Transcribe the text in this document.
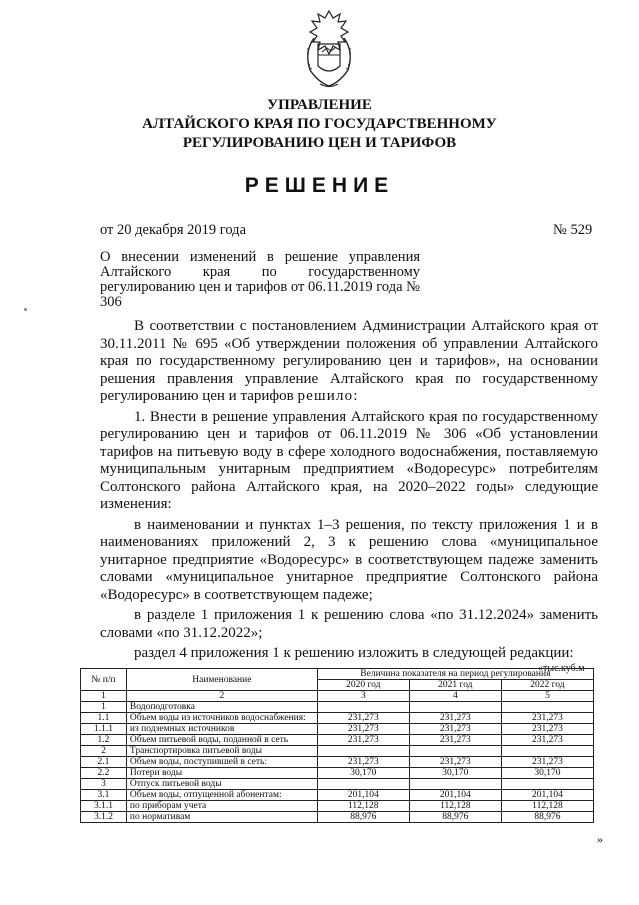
УПРАВЛЕНИЕ
АЛТАЙСКОГО КРАЯ ПО ГОСУДАРСТВЕННОМУ
РЕГУЛИРОВАНИЮ ЦЕН И ТАРИФОВ
РЕШЕНИЕ
от 20 декабря 2019 года	№ 529
О внесении изменений в решение управления Алтайского края по государственному регулированию цен и тарифов от 06.11.2019 года № 306

В соответствии с постановлением Администрации Алтайского края от 30.11.2011 № 695 «Об утверждении положения об управлении Алтайского края по государственному регулированию цен и тарифов», на основании решения правления управление Алтайского края по государственному регулированию цен и тарифов решило:

1. Внести в решение управления Алтайского края по государственному регулированию цен и тарифов от 06.11.2019 № 306 «Об установлении тарифов на питьевую воду в сфере холодного водоснабжения, поставляемую муниципальным унитарным предприятием «Водоресурс» потребителям Солтонского района Алтайского края, на 2020–2022 годы» следующие изменения:

в наименовании и пунктах 1–3 решения, по тексту приложения 1 и в наименованиях приложений 2, 3 к решению слова «муниципальное унитарное предприятие «Водоресурс» в соответствующем падеже заменить словами «муниципальное унитарное предприятие Солтонского района «Водоресурс» в соответствующем падеже;

в разделе 1 приложения 1 к решению слова «по 31.12.2024» заменить словами «по 31.12.2022»;

раздел 4 приложения 1 к решению изложить в следующей редакции:

«тыс.куб.м
№ п/п	Наименование	Величина показателя на период регулирования		
		2020 год	2021 год	2022 год
1	2	3	4	5
1	Водоподготовка			
1.1	Объем воды из источников водоснабжения:	231,273	231,273	231,273
1.1.1	из подземных источников	231,273	231,273	231,273
1.2	Объем питьевой воды, поданной в сеть	231,273	231,273	231,273
2	Транспортировка питьевой воды			
2.1	Объем воды, поступившей в сеть:	231,273	231,273	231,273
2.2	Потери воды	30,170	30,170	30,170
3	Отпуск питьевой воды			
3.1	Объем воды, отпущенной абонентам:	201,104	201,104	201,104
3.1.1	по приборам учета	112,128	112,128	112,128
3.1.2	по нормативам	88,976	88,976	88,976
»
